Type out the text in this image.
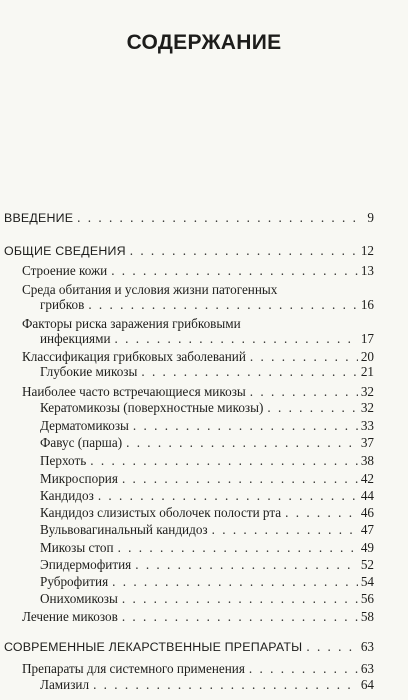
СОДЕРЖАНИЕ
ВВЕДЕНИЕ . . .	9
ОБЩИЕ СВЕДЕНИЯ . . .	12
Строение кожи . . .	13
Среда обитания и условия жизни патогенных
грибков . . .	16
Факторы риска заражения грибковыми
инфекциями . . .	17
Классификация грибковых заболеваний . . .	20
Глубокие микозы . . .	21
Наиболее часто встречающиеся микозы . . .	32
Кератомикозы (поверхностные микозы) . . .	32
Дерматомикозы . . .	33
Фавус (парша) . . .	37
Перхоть . . .	38
Микроспория . . .	42
Кандидоз . . .	44
Кандидоз слизистых оболочек полости рта . . .	46
Вульвовагинальный кандидоз . . .	47
Микозы стоп . . .	49
Эпидермофития . . .	52
Руброфития . . .	54
Онихомикозы . . .	56
Лечение микозов . . .	58
СОВРЕМЕННЫЕ ЛЕКАРСТВЕННЫЕ ПРЕПАРАТЫ . . .	63
Препараты для системного применения . . .	63
Ламизил . . .	64
